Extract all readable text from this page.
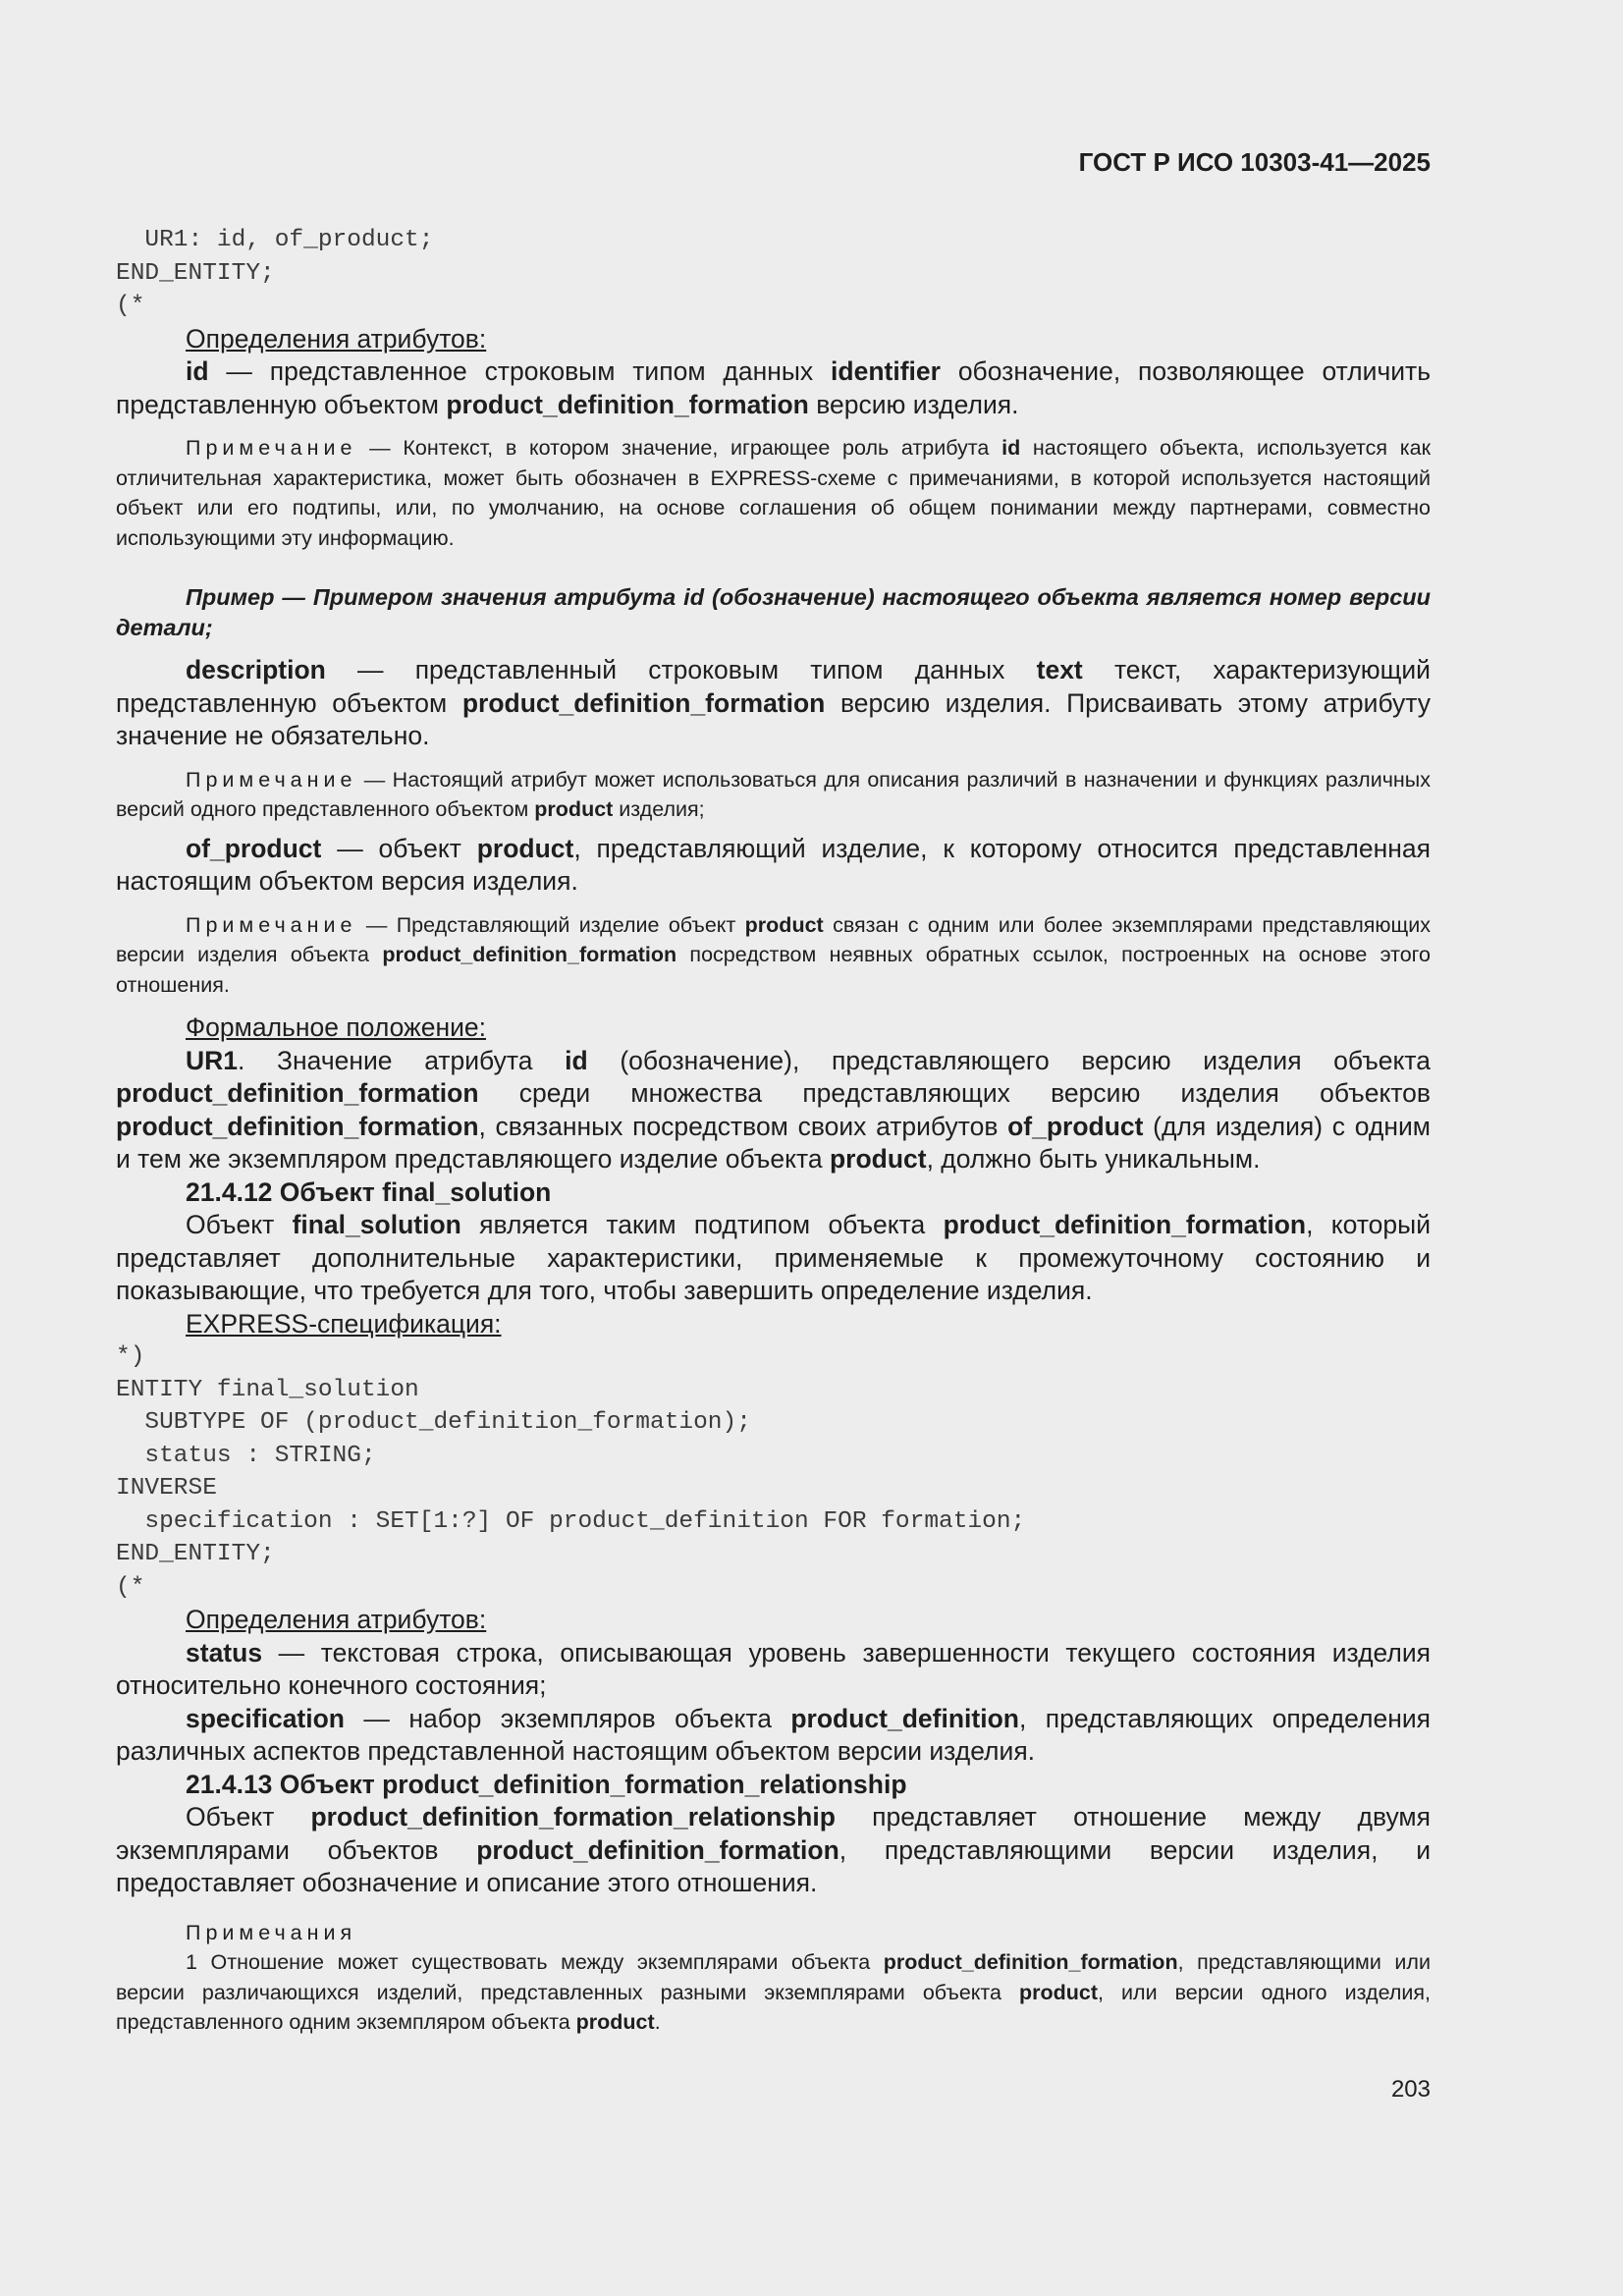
ГОСТ Р ИСО 10303-41—2025
UR1: id, of_product;
END_ENTITY;
(*

Определения атрибутов:

id — представленное строковым типом данных identifier обозначение, позволяющее отличить представленную объектом product_definition_formation версию изделия.

Примечание — Контекст, в котором значение, играющее роль атрибута id настоящего объекта, используется как отличительная характеристика, может быть обозначен в EXPRESS-схеме с примечаниями, в которой используется настоящий объект или его подтипы, или, по умолчанию, на основе соглашения об общем понимании между партнерами, совместно использующими эту информацию.

Пример — Примером значения атрибута id (обозначение) настоящего объекта является номер версии детали;

description — представленный строковым типом данных text текст, характеризующий представленную объектом product_definition_formation версию изделия. Присваивать этому атрибуту значение не обязательно.

Примечание — Настоящий атрибут может использоваться для описания различий в назначении и функциях различных версий одного представленного объектом product изделия;

of_product — объект product, представляющий изделие, к которому относится представленная настоящим объектом версия изделия.

Примечание — Представляющий изделие объект product связан с одним или более экземплярами представляющих версии изделия объекта product_definition_formation посредством неявных обратных ссылок, построенных на основе этого отношения.

Формальное положение:

UR1. Значение атрибута id (обозначение), представляющего версию изделия объекта product_definition_formation среди множества представляющих версию изделия объектов product_definition_formation, связанных посредством своих атрибутов of_product (для изделия) с одним и тем же экземпляром представляющего изделие объекта product, должно быть уникальным.

21.4.12 Объект final_solution

Объект final_solution является таким подтипом объекта product_definition_formation, который представляет дополнительные характеристики, применяемые к промежуточному состоянию и показывающие, что требуется для того, чтобы завершить определение изделия.

EXPRESS-спецификация:

*)
ENTITY final_solution
SUBTYPE OF (product_definition_formation);
status : STRING;
INVERSE
specification : SET[1:?] OF product_definition FOR formation;
END_ENTITY;
(*

Определения атрибутов:

status — текстовая строка, описывающая уровень завершенности текущего состояния изделия относительно конечного состояния;

specification — набор экземпляров объекта product_definition, представляющих определения различных аспектов представленной настоящим объектом версии изделия.

21.4.13 Объект product_definition_formation_relationship

Объект product_definition_formation_relationship представляет отношение между двумя экземплярами объектов product_definition_formation, представляющими версии изделия, и предоставляет обозначение и описание этого отношения.

Примечания

1 Отношение может существовать между экземплярами объекта product_definition_formation, представляющими или версии различающихся изделий, представленных разными экземплярами объекта product, или версии одного изделия, представленного одним экземпляром объекта product.

203
